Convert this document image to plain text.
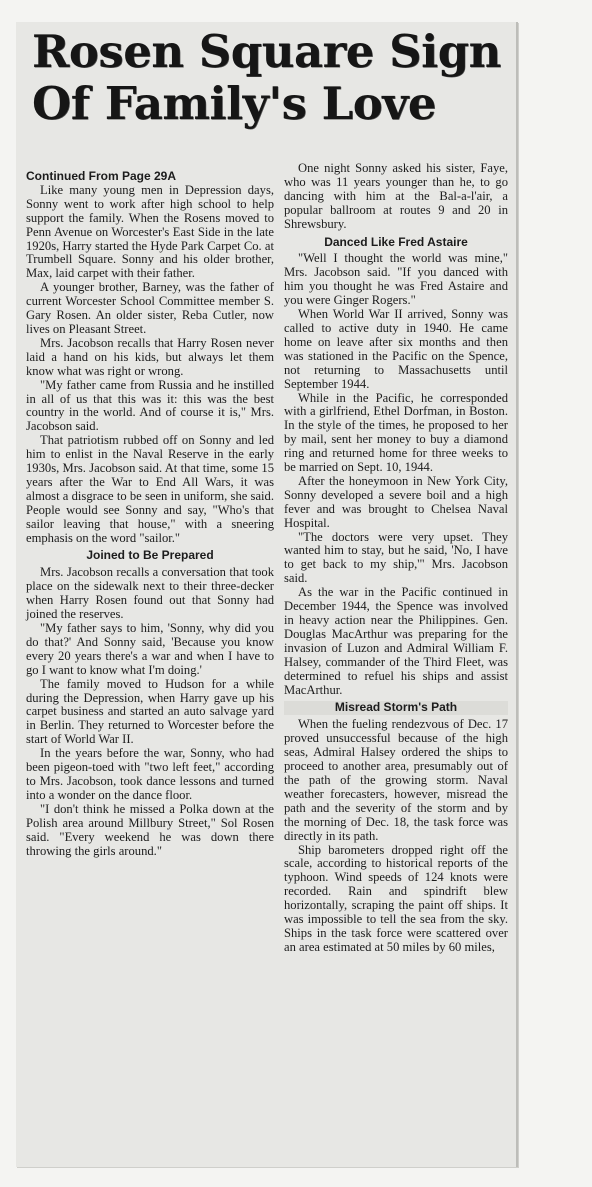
Rosen Square Sign
Of Family's Love

Continued From Page 29A

Like many young men in Depression days, Sonny went to work after high school to help support the family. When the Rosens moved to Penn Avenue on Worcester's East Side in the late 1920s, Harry started the Hyde Park Carpet Co. at Trumbell Square. Sonny and his older brother, Max, laid carpet with their father.

A younger brother, Barney, was the father of current Worcester School Committee member S. Gary Rosen. An older sister, Reba Cutler, now lives on Pleasant Street.

Mrs. Jacobson recalls that Harry Rosen never laid a hand on his kids, but always let them know what was right or wrong.

"My father came from Russia and he instilled in all of us that this was it: this was the best country in the world. And of course it is," Mrs. Jacobson said.

That patriotism rubbed off on Sonny and led him to enlist in the Naval Reserve in the early 1930s, Mrs. Jacobson said. At that time, some 15 years after the War to End All Wars, it was almost a disgrace to be seen in uniform, she said. People would see Sonny and say, "Who's that sailor leaving that house," with a sneering emphasis on the word "sailor."

Joined to Be Prepared

Mrs. Jacobson recalls a conversation that took place on the sidewalk next to their three-decker when Harry Rosen found out that Sonny had joined the reserves.

"My father says to him, 'Sonny, why did you do that?' And Sonny said, 'Because you know every 20 years there's a war and when I have to go I want to know what I'm doing.'

The family moved to Hudson for a while during the Depression, when Harry gave up his carpet business and started an auto salvage yard in Berlin. They returned to Worcester before the start of World War II.

In the years before the war, Sonny, who had been pigeon-toed with "two left feet," according to Mrs. Jacobson, took dance lessons and turned into a wonder on the dance floor.

"I don't think he missed a Polka down at the Polish area around Millbury Street," Sol Rosen said. "Every weekend he was down there throwing the girls around."

One night Sonny asked his sister, Faye, who was 11 years younger than he, to go dancing with him at the Bal-a-l'air, a popular ballroom at routes 9 and 20 in Shrewsbury.

Danced Like Fred Astaire

"Well I thought the world was mine," Mrs. Jacobson said. "If you danced with him you thought he was Fred Astaire and you were Ginger Rogers."

When World War II arrived, Sonny was called to active duty in 1940. He came home on leave after six months and then was stationed in the Pacific on the Spence, not returning to Massachusetts until September 1944.

While in the Pacific, he corresponded with a girlfriend, Ethel Dorfman, in Boston. In the style of the times, he proposed to her by mail, sent her money to buy a diamond ring and returned home for three weeks to be married on Sept. 10, 1944.

After the honeymoon in New York City, Sonny developed a severe boil and a high fever and was brought to Chelsea Naval Hospital.

"The doctors were very upset. They wanted him to stay, but he said, 'No, I have to get back to my ship,'" Mrs. Jacobson said.

As the war in the Pacific continued in December 1944, the Spence was involved in heavy action near the Philippines. Gen. Douglas MacArthur was preparing for the invasion of Luzon and Admiral William F. Halsey, commander of the Third Fleet, was determined to refuel his ships and assist MacArthur.

Misread Storm's Path

When the fueling rendezvous of Dec. 17 proved unsuccessful because of the high seas, Admiral Halsey ordered the ships to proceed to another area, presumably out of the path of the growing storm. Naval weather forecasters, however, misread the path and the severity of the storm and by the morning of Dec. 18, the task force was directly in its path.

Ship barometers dropped right off the scale, according to historical reports of the typhoon. Wind speeds of 124 knots were recorded. Rain and spindrift blew horizontally, scraping the paint off ships. It was impossible to tell the sea from the sky. Ships in the task force were scattered over an area estimated at 50 miles by 60 miles,
